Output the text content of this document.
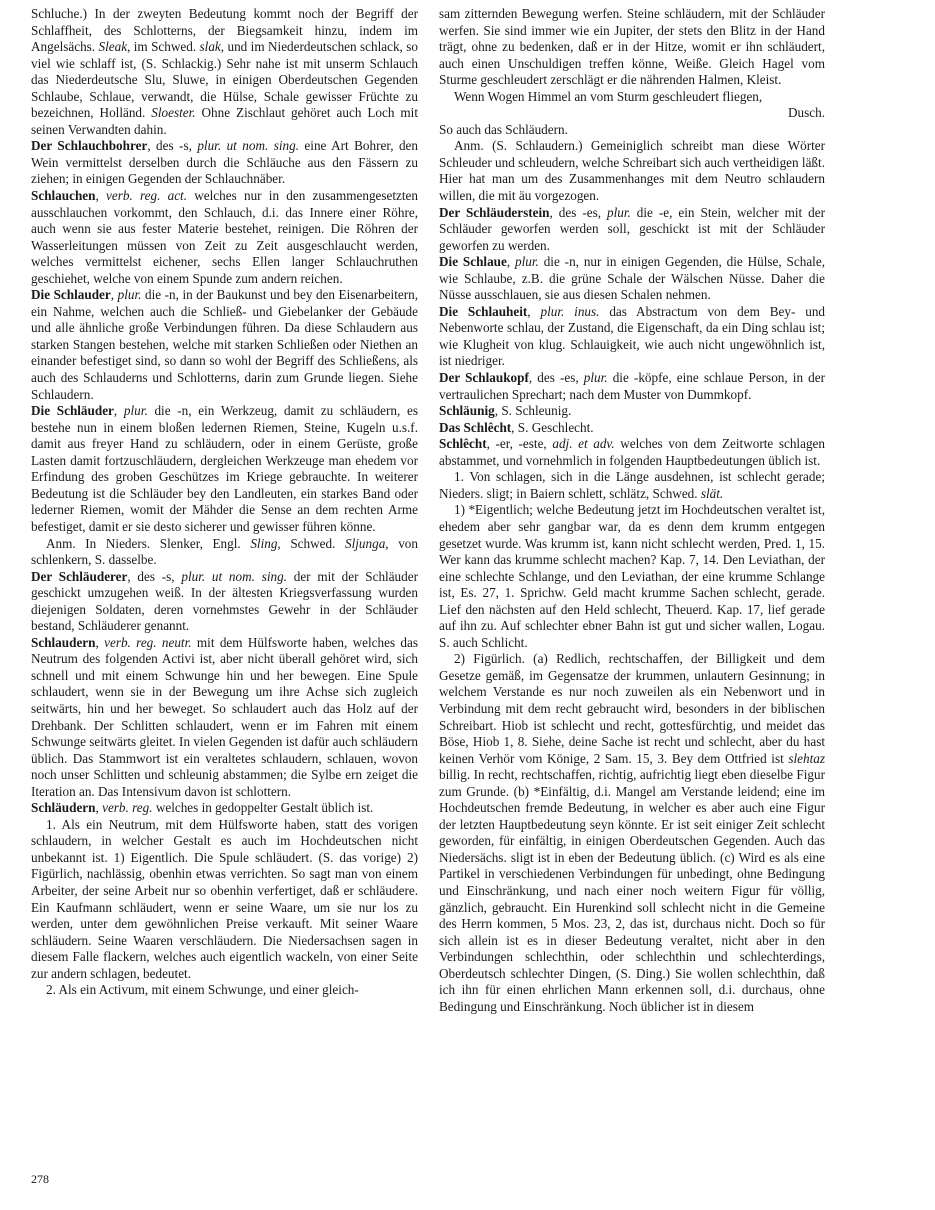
Schluche.) In der zweyten Bedeutung kommt noch der Begriff der Schlaffheit, des Schlotterns, der Biegsamkeit hinzu, indem im Angelsächs. Sleak, im Schwed. slak, und im Niederdeutschen schlack, so viel wie schlaff ist, (S. Schlackig.) Sehr nahe ist mit unserm Schlauch das Niederdeutsche Slu, Sluwe, in einigen Oberdeutschen Gegenden Schlaube, Schlaue, verwandt, die Hülse, Schale gewisser Früchte zu bezeichnen, Holländ. Sloester. Ohne Zischlaut gehöret auch Loch mit seinen Verwandten dahin.

Der Schlauchbohrer, des -s, plur. ut nom. sing. eine Art Bohrer, den Wein vermittelst derselben durch die Schläuche aus den Fässern zu ziehen; in einigen Gegenden der Schlauchnäber.

Schlauchen, verb. reg. act. welches nur in den zusammengesetzten ausschlauchen vorkommt, den Schlauch, d.i. das Innere einer Röhre, auch wenn sie aus fester Materie bestehet, reinigen. Die Röhren der Wasserleitungen müssen von Zeit zu Zeit ausgeschlaucht werden, welches vermittelst eichener, sechs Ellen langer Schlauchruthen geschiehet, welche von einem Spunde zum andern reichen.

Die Schlauder, plur. die -n, in der Baukunst und bey den Eisenarbeitern, ein Nahme, welchen auch die Schließ- und Giebelanker der Gebäude und alle ähnliche große Verbindungen führen. Da diese Schlaudern aus starken Stangen bestehen, welche mit starken Schließen oder Niethen an einander befestiget sind, so dann so wohl der Begriff des Schließens, als auch des Schlauderns und Schlotterns, darin zum Grunde liegen. Siehe Schlaudern.

Die Schläuder, plur. die -n, ein Werkzeug, damit zu schläudern, es bestehe nun in einem bloßen ledernen Riemen, Steine, Kugeln u.s.f. damit aus freyer Hand zu schläudern, oder in einem Gerüste, große Lasten damit fortzuschläudern, dergleichen Werkzeuge man ehedem vor Erfindung des groben Geschützes im Kriege gebrauchte. In weiterer Bedeutung ist die Schläuder bey den Landleuten, ein starkes Band oder lederner Riemen, womit der Mähder die Sense an dem rechten Arme befestiget, damit er sie desto sicherer und gewisser führen könne.

Anm. In Nieders. Slenker, Engl. Sling, Schwed. Sljunga, von schlenkern, S. dasselbe.

Der Schläuderer, des -s, plur. ut nom. sing. der mit der Schläuder geschickt umzugehen weiß. In der ältesten Kriegsverfassung wurden diejenigen Soldaten, deren vornehmstes Gewehr in der Schläuder bestand, Schläuderer genannt.

Schlaudern, verb. reg. neutr. mit dem Hülfsworte haben, welches das Neutrum des folgenden Activi ist, aber nicht überall gehöret wird, sich schnell und mit einem Schwunge hin und her bewegen. Eine Spule schlaudert, wenn sie in der Bewegung um ihre Achse sich zugleich seitwärts, hin und her beweget. So schlaudert auch das Holz auf der Drehbank. Der Schlitten schlaudert, wenn er im Fahren mit einem Schwunge seitwärts gleitet. In vielen Gegenden ist dafür auch schläudern üblich. Das Stammwort ist ein veraltetes schlaudern, schlauen, wovon noch unser Schlitten und schleunig abstammen; die Sylbe ern zeiget die Iteration an. Das Intensivum davon ist schlottern.

Schläudern, verb. reg. welches in gedoppelter Gestalt üblich ist.

1. Als ein Neutrum, mit dem Hülfsworte haben, statt des vorigen schlaudern, in welcher Gestalt es auch im Hochdeutschen nicht unbekannt ist. 1) Eigentlich. Die Spule schläudert. (S. das vorige) 2) Figürlich, nachlässig, obenhin etwas verrichten. So sagt man von einem Arbeiter, der seine Arbeit nur so obenhin verfertiget, daß er schläudere. Ein Kaufmann schläudert, wenn er seine Waare, um sie nur los zu werden, unter dem gewöhnlichen Preise verkauft. Mit seiner Waare schläudern. Seine Waaren verschläudern. Die Niedersachsen sagen in diesem Falle flackern, welches auch eigentlich wackeln, von einer Seite zur andern schlagen, bedeutet.

2. Als ein Activum, mit einem Schwunge, und einer gleich-

sam zitternden Bewegung werfen. Steine schläudern, mit der Schläuder werfen. Sie sind immer wie ein Jupiter, der stets den Blitz in der Hand trägt, ohne zu bedenken, daß er in der Hitze, womit er ihn schläudert, auch einen Unschuldigen treffen könne, Weiße. Gleich Hagel vom Sturme geschleudert zerschlägt er die nährenden Halmen, Kleist.

Wenn Wogen Himmel an vom Sturm geschleudert fliegen,

Dusch.

So auch das Schläudern.

Anm. (S. Schlaudern.) Gemeiniglich schreibt man diese Wörter Schleuder und schleudern, welche Schreibart sich auch vertheidigen läßt. Hier hat man um des Zusammenhanges mit dem Neutro schlaudern willen, die mit äu vorgezogen.

Der Schläuderstein, des -es, plur. die -e, ein Stein, welcher mit der Schläuder geworfen werden soll, geschickt ist mit der Schläuder geworfen zu werden.

Die Schlaue, plur. die -n, nur in einigen Gegenden, die Hülse, Schale, wie Schlaube, z.B. die grüne Schale der Wälschen Nüsse. Daher die Nüsse ausschlauen, sie aus diesen Schalen nehmen.

Die Schlauheit, plur. inus. das Abstractum von dem Bey- und Nebenworte schlau, der Zustand, die Eigenschaft, da ein Ding schlau ist; wie Klugheit von klug. Schlauigkeit, wie auch nicht ungewöhnlich ist, ist niedriger.

Der Schlaukopf, des -es, plur. die -köpfe, eine schlaue Person, in der vertraulichen Sprechart; nach dem Muster von Dummkopf.

Schläunig, S. Schleunig.

Das Schlêcht, S. Geschlecht.

Schlêcht, -er, -este, adj. et adv. welches von dem Zeitworte schlagen abstammet, und vornehmlich in folgenden Hauptbedeutungen üblich ist.

1. Von schlagen, sich in die Länge ausdehnen, ist schlecht gerade; Nieders. sligt; in Baiern schlett, schlätz, Schwed. slät.

1) *Eigentlich; welche Bedeutung jetzt im Hochdeutschen veraltet ist, ehedem aber sehr gangbar war, da es denn dem krumm entgegen gesetzet wurde. Was krumm ist, kann nicht schlecht werden, Pred. 1, 15. Wer kann das krumme schlecht machen? Kap. 7, 14. Den Leviathan, der eine schlechte Schlange, und den Leviathan, der eine krumme Schlange ist, Es. 27, 1. Sprichw. Geld macht krumme Sachen schlecht, gerade. Lief den nächsten auf den Held schlecht, Theuerd. Kap. 17, lief gerade auf ihn zu. Auf schlechter ebner Bahn ist gut und sicher wallen, Logau. S. auch Schlicht.

2) Figürlich. (a) Redlich, rechtschaffen, der Billigkeit und dem Gesetze gemäß, im Gegensatze der krummen, unlautern Gesinnung; in welchem Verstande es nur noch zuweilen als ein Nebenwort und in Verbindung mit dem recht gebraucht wird, besonders in der biblischen Schreibart. Hiob ist schlecht und recht, gottesfürchtig, und meidet das Böse, Hiob 1, 8. Siehe, deine Sache ist recht und schlecht, aber du hast keinen Verhör vom Könige, 2 Sam. 15, 3. Bey dem Ottfried ist slehtaz billig. In recht, rechtschaffen, richtig, aufrichtig liegt eben dieselbe Figur zum Grunde. (b) *Einfältig, d.i. Mangel am Verstande leidend; eine im Hochdeutschen fremde Bedeutung, in welcher es aber auch eine Figur der letzten Hauptbedeutung seyn könnte. Er ist seit einiger Zeit schlecht geworden, für einfältig, in einigen Oberdeutschen Gegenden. Auch das Niedersächs. sligt ist in eben der Bedeutung üblich. (c) Wird es als eine Partikel in verschiedenen Verbindungen für unbedingt, ohne Bedingung und Einschränkung, und nach einer noch weitern Figur für völlig, gänzlich, gebraucht. Ein Hurenkind soll schlecht nicht in die Gemeine des Herrn kommen, 5 Mos. 23, 2, das ist, durchaus nicht. Doch so für sich allein ist es in dieser Bedeutung veraltet, nicht aber in den Verbindungen schlechthin, oder schlechthin und schlechterdings, Oberdeutsch schlechter Dingen, (S. Ding.) Sie wollen schlechthin, daß ich ihn für einen ehrlichen Mann erkennen soll, d.i. durchaus, ohne Bedingung und Einschränkung. Noch üblicher ist in diesem

278
